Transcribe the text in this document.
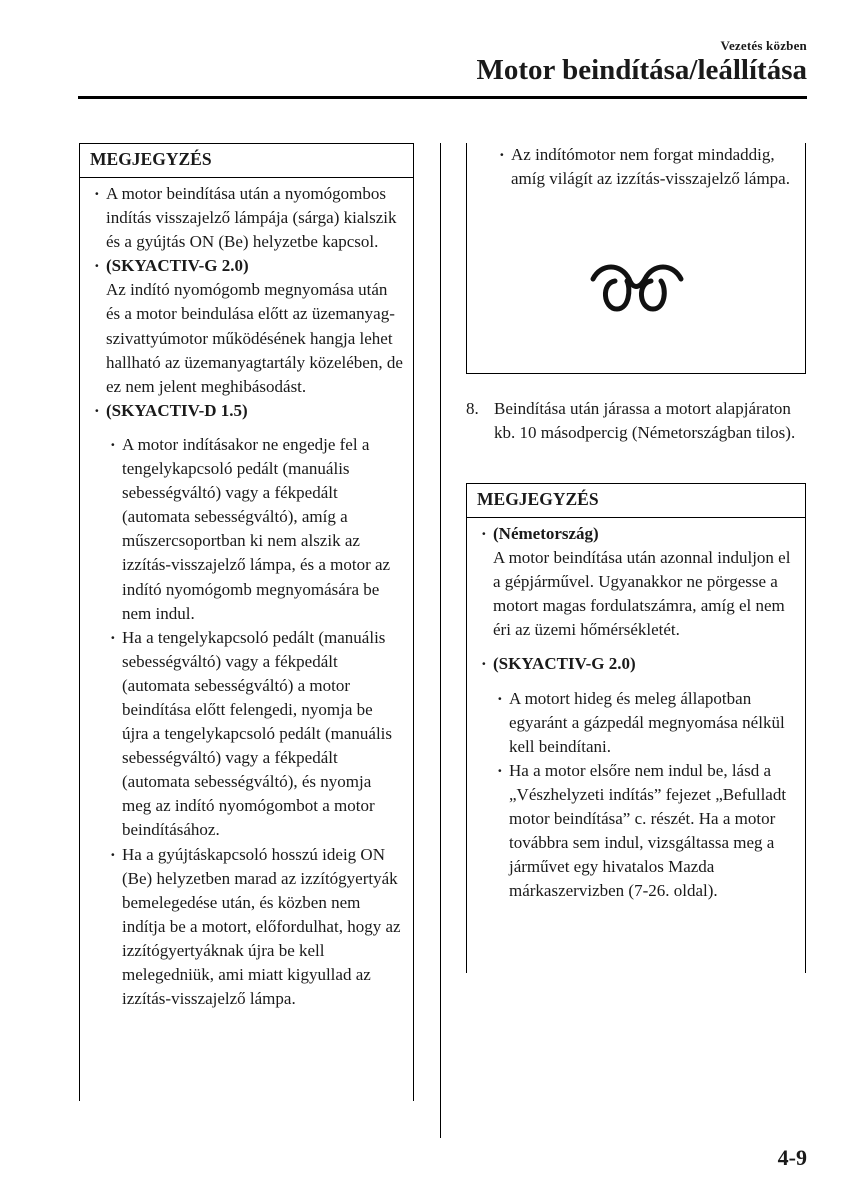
Vezetés közben
Motor beindítása/leállítása
MEGJEGYZÉS
· A motor beindítása után a nyomógombos indítás visszajelző lámpája (sárga) kialszik és a gyújtás ON (Be) helyzetbe kapcsol.
· (SKYACTIV-G 2.0)
Az indító nyomógomb megnyomása után és a motor beindulása előtt az üzemanyag-szivattyúmotor működésének hangja lehet hallható az üzemanyagtartály közelében, de ez nem jelent meghibásodást.
· (SKYACTIV-D 1.5)
· A motor indításakor ne engedje fel a tengelykapcsoló pedált (manuális sebességváltó) vagy a fékpedált (automata sebességváltó), amíg a műszercsoportban ki nem alszik az izzítás-visszajelző lámpa, és a motor az indító nyomógomb megnyomására be nem indul.
· Ha a tengelykapcsoló pedált (manuális sebességváltó) vagy a fékpedált (automata sebességváltó) a motor beindítása előtt felengedi, nyomja be újra a tengelykapcsoló pedált (manuális sebességváltó) vagy a fékpedált (automata sebességváltó), és nyomja meg az indító nyomógombot a motor beindításához.
· Ha a gyújtáskapcsoló hosszú ideig ON (Be) helyzetben marad az izzítógyertyák bemelegedése után, és közben nem indítja be a motort, előfordulhat, hogy az izzítógyertyáknak újra be kell melegedniük, ami miatt kigyullad az izzítás-visszajelző lámpa.
· Az indítómotor nem forgat mindaddig, amíg világít az izzítás-visszajelző lámpa.
8. Beindítása után járassa a motort alapjáraton kb. 10 másodpercig (Németországban tilos).
MEGJEGYZÉS
· (Németország)
A motor beindítása után azonnal induljon el a gépjárművel. Ugyanakkor ne pörgesse a motort magas fordulatszámra, amíg el nem éri az üzemi hőmérsékletét.
· (SKYACTIV-G 2.0)
· A motort hideg és meleg állapotban egyaránt a gázpedál megnyomása nélkül kell beindítani.
· Ha a motor elsőre nem indul be, lásd a „Vészhelyzeti indítás” fejezet „Befulladt motor beindítása” c. részét. Ha a motor továbbra sem indul, vizsgáltassa meg a járművet egy hivatalos Mazda márkaszervizben (7-26. oldal).
4-9
